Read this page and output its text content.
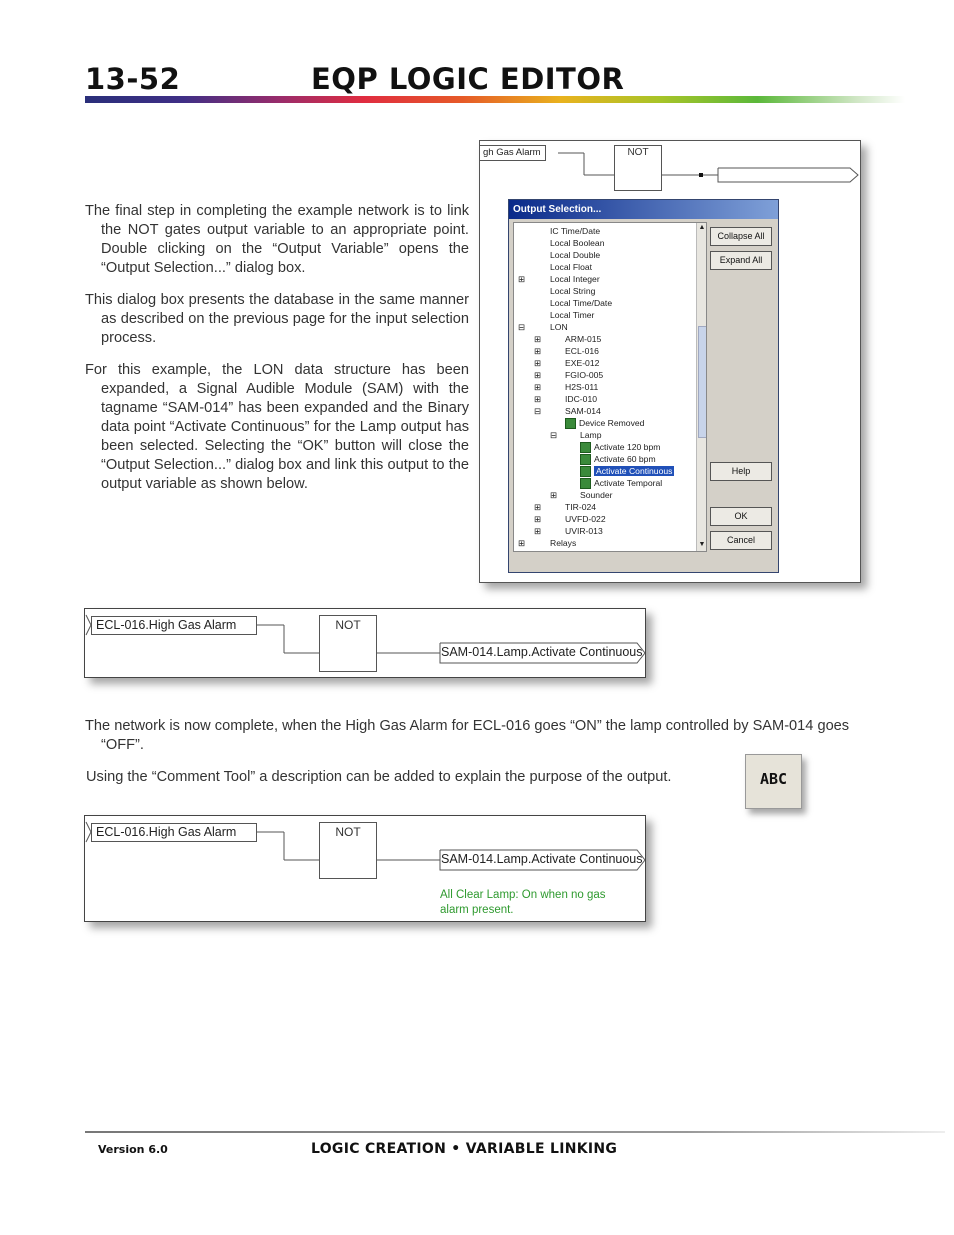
13-52	EQP LOGIC EDITOR
The final step in completing the example network is to link the NOT gates output variable to an appropriate point. Double clicking on the “Output Variable” opens the “Output Selection...” dialog box.
This dialog box presents the database in the same manner as described on the previous page for the input selection process.
For this example, the LON data structure has been expanded, a Signal Audible Module (SAM) with the tagname “SAM-014” has been expanded and the Binary data point “Activate Continuous” for the Lamp output has been selected. Selecting the “OK” button will close the “Output Selection...” dialog box and link this output to the output variable as shown below.
gh Gas Alarm	NOT
Output Selection...
▲
▼
IC Time/Date
Local Boolean
Local Double
Local Float
⊞	Local Integer
Local String
Local Time/Date
Local Timer
⊟	LON
⊞	ARM-015
⊞	ECL-016
⊞	EXE-012
⊞	FGIO-005
⊞	H2S-011
⊞	IDC-010
⊟	SAM-014
Device Removed
⊟	Lamp
Activate 120 bpm
Activate 60 bpm
Activate Continuous
Activate Temporal
⊞	Sounder
⊞	TIR-024
⊞	UVFD-022
⊞	UVIR-013
⊞	Relays
Collapse All
Expand All
Help
OK
Cancel
ECL-016.High Gas Alarm	NOT
SAM-014.Lamp.Activate Continuous
The network is now complete, when the High Gas Alarm for ECL-016 goes “ON” the lamp controlled by SAM-014 goes “OFF”.
Using the “Comment Tool” a description can be added to explain the purpose of the output.	ABC
ECL-016.High Gas Alarm	NOT
SAM-014.Lamp.Activate Continuous
All Clear Lamp: On when no gas
alarm present.
Version 6.0	LOGIC CREATION • VARIABLE LINKING
